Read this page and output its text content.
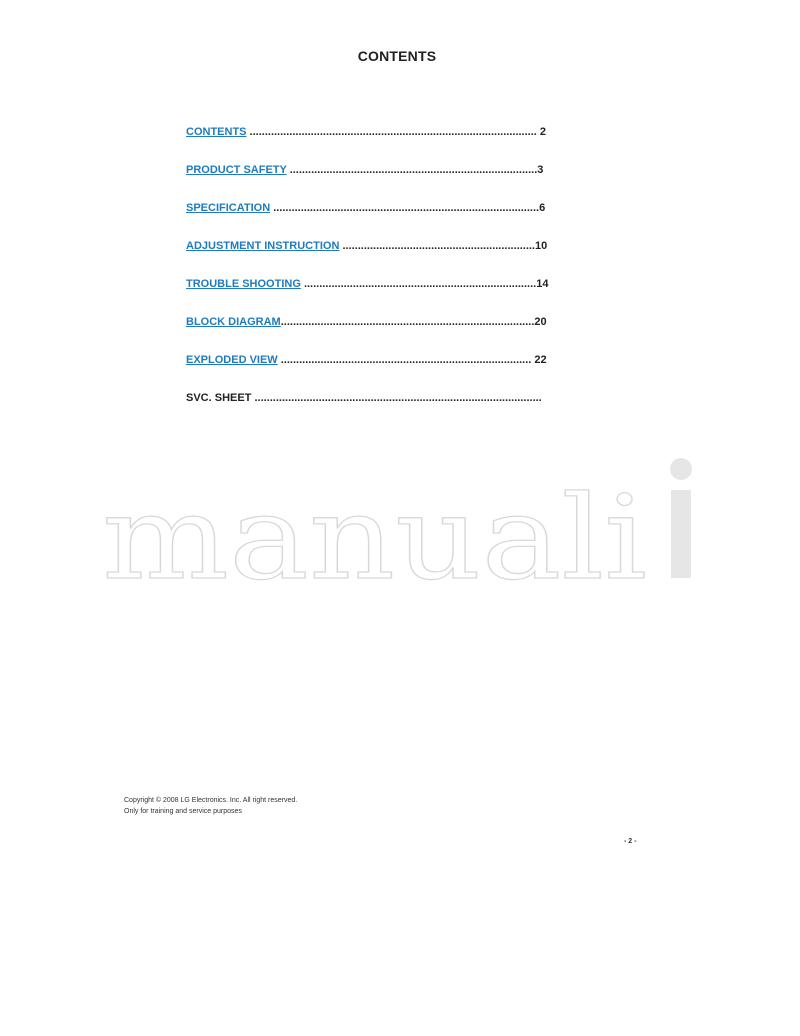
CONTENTS
CONTENTS .............................................................................................. 2
PRODUCT SAFETY .................................................................................3
SPECIFICATION .......................................................................................6
ADJUSTMENT INSTRUCTION ...............................................................10
TROUBLE SHOOTING ............................................................................14
BLOCK DIAGRAM...................................................................................20
EXPLODED VIEW .................................................................................. 22
SVC. SHEET ..............................................................................................
manuali
Copyright © 2008 LG Electronics. Inc. All right reserved.
Only for training and service purposes
- 2 -
